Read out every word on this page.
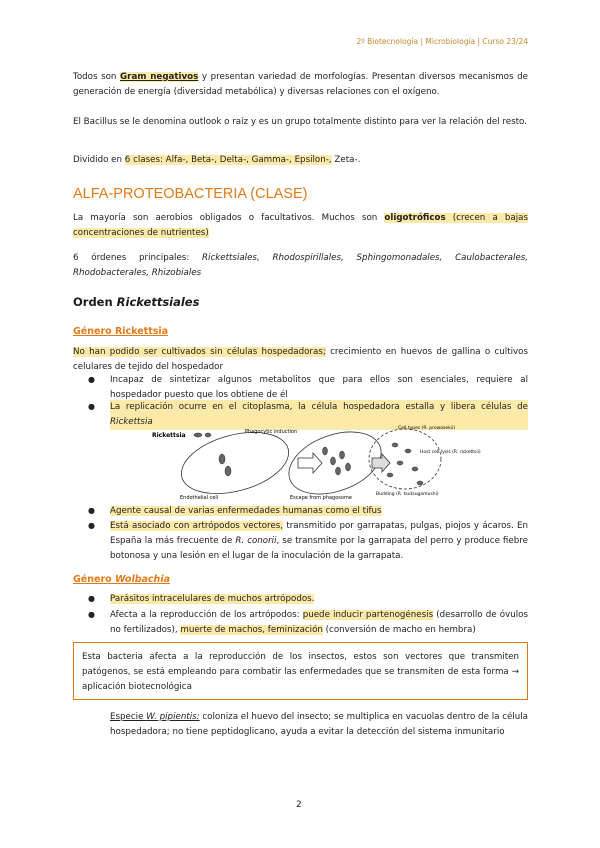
2º Biotecnología | Microbiología | Curso 23/24
Todos son Gram negativos y presentan variedad de morfologías. Presentan diversos mecanismos de generación de energía (diversidad metabólica) y diversas relaciones con el oxígeno.
El Bacillus se le denomina outlook o raíz y es un grupo totalmente distinto para ver la relación del resto.
Dividido en 6 clases: Alfa-, Beta-, Delta-, Gamma-, Epsilon-, Zeta-.
ALFA-PROTEOBACTERIA (CLASE)
La mayoría son aerobios obligados o facultativos. Muchos son oligotróficos (crecen a bajas concentraciones de nutrientes)
6 órdenes principales: Rickettsiales, Rhodospirillales, Sphingomonadales, Caulobacterales, Rhodobacterales, Rhizobiales
Orden Rickettsiales
Género Rickettsia
No han podido ser cultivados sin células hospedadoras; crecimiento en huevos de gallina o cultivos celulares de tejido del hospedador
● Incapaz de sintetizar algunos metabolitos que para ellos son esenciales, requiere al hospedador puesto que los obtiene de él
● La replicación ocurre en el citoplasma, la célula hospedadora estalla y libera células de Rickettsia
Rickettsia	Phagocytic induction
Endothelial cell	Escape from phagosome
Cell types (R. prowazekii)
Host cell lysis (R. rickettsii)
Budding (R. tsutsugamushi)
● Agente causal de varias enfermedades humanas como el tifus
● Está asociado con artrópodos vectores, transmitido por garrapatas, pulgas, piojos y ácaros. En España la más frecuente de R. conorii, se transmite por la garrapata del perro y produce fiebre botonosa y una lesión en el lugar de la inoculación de la garrapata.
Género Wolbachia
● Parásitos intracelulares de muchos artrópodos.
● Afecta a la reproducción de los artrópodos: puede inducir partenogénesis (desarrollo de óvulos no fertilizados), muerte de machos, feminización (conversión de macho en hembra)
Esta bacteria afecta a la reproducción de los insectos, estos son vectores que transmiten patógenos, se está empleando para combatir las enfermedades que se transmiten de esta forma → aplicación biotecnológica
Especie W. pipientis: coloniza el huevo del insecto; se multiplica en vacuolas dentro de la célula hospedadora; no tiene peptidoglicano, ayuda a evitar la detección del sistema inmunitario
2
